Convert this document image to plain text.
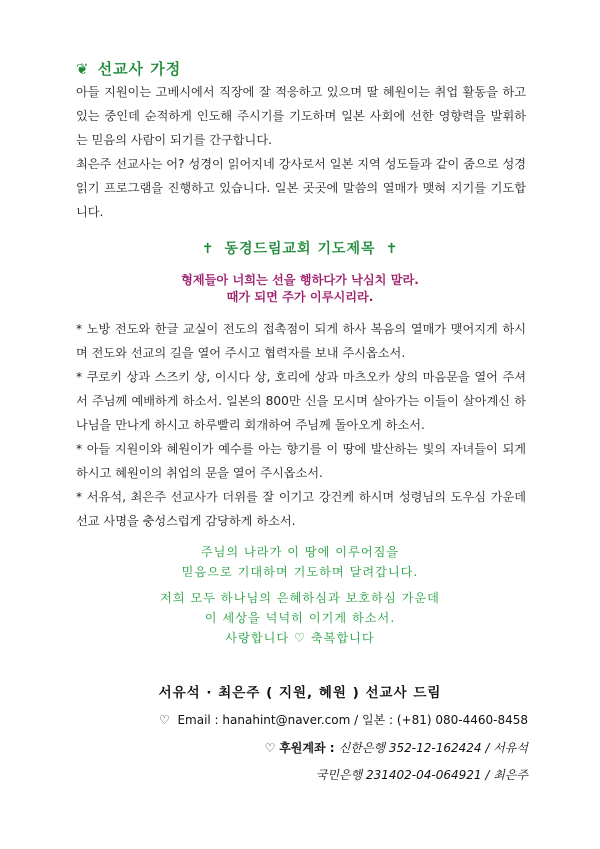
❦ 선교사 가정
아들 지원이는 고베시에서 직장에 잘 적응하고 있으며 딸 혜원이는 취업 활동을 하고 있는 중인데 순적하게 인도해 주시기를 기도하며 일본 사회에 선한 영향력을 발휘하는 믿음의 사람이 되기를 간구합니다.
최은주 선교사는 어? 성경이 읽어지네 강사로서 일본 지역 성도들과 같이 줌으로 성경 읽기 프로그램을 진행하고 있습니다. 일본 곳곳에 말씀의 열매가 맺혀 지기를 기도합니다.
✝ 동경드림교회 기도제목 ✝
형제들아 너희는 선을 행하다가 낙심치 말라.
때가 되면 주가 이루시리라.

* 노방 전도와 한글 교실이 전도의 접촉점이 되게 하사 복음의 열매가 맺어지게 하시며 전도와 선교의 길을 열어 주시고 협력자를 보내 주시옵소서.

* 쿠로키 상과 스즈키 상, 이시다 상, 호리에 상과 마츠오카 상의 마음문을 열어 주셔서 주님께 예배하게 하소서. 일본의 800만 신을 모시며 살아가는 이들이 살아계신 하나님을 만나게 하시고 하루빨리 회개하여 주님께 돌아오게 하소서.

* 아들 지원이와 혜원이가 예수를 아는 향기를 이 땅에 발산하는 빛의 자녀들이 되게 하시고 혜원이의 취업의 문을 열어 주시옵소서.

* 서유석, 최은주 선교사가 더위를 잘 이기고 강건케 하시며 성령님의 도우심 가운데 선교 사명을 충성스럽게 감당하게 하소서.

주님의 나라가 이 땅에 이루어짐을
믿음으로 기대하며 기도하며 달려갑니다.
저희 모두 하나님의 은혜하심과 보호하심 가운데
이 세상을 넉넉히 이기게 하소서.
사랑합니다 ♡ 축복합니다
서유석 · 최은주 ( 지원, 혜원 ) 선교사 드림
♡ Email : hanahint@naver.com / 일본 : (+81) 080-4460-8458
♡ 후원계좌 : 신한은행 352-12-162424 / 서유석
국민은행 231402-04-064921 / 최은주
